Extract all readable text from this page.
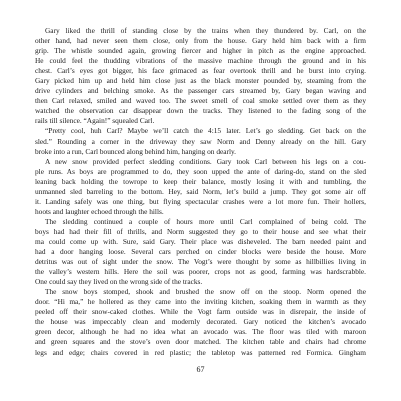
Gary liked the thrill of standing close by the trains when they thundered by. Carl, on the
other hand, had never seen them close, only from the house. Gary held him back with a firm
grip. The whistle sounded again, growing fiercer and higher in pitch as the engine approached.
He could feel the thudding vibrations of the massive machine through the ground and in his
chest. Carl’s eyes got bigger, his face grimaced as fear overtook thrill and he burst into crying.
Gary picked him up and held him close just as the black monster pounded by, steaming from the
drive cylinders and belching smoke. As the passenger cars streamed by, Gary began waving and
then Carl relaxed, smiled and waved too. The sweet smell of coal smoke settled over them as they
watched the observation car disappear down the tracks. They listened to the fading song of the
rails till silence. “Again!” squealed Carl.

“Pretty cool, huh Carl? Maybe we’ll catch the 4:15 later. Let’s go sledding. Get back on the
sled.” Rounding a corner in the driveway they saw Norm and Denny already on the hill. Gary
broke into a run, Carl bounced along behind him, hanging on dearly.

A new snow provided perfect sledding conditions. Gary took Carl between his legs on a cou-
ple runs. As boys are programmed to do, they soon upped the ante of daring-do, stand on the sled
leaning back holding the towrope to keep their balance, mostly losing it with and tumbling, the
unmanned sled barreling to the bottom. Hey, said Norm, let’s build a jump. They got some air off
it. Landing safely was one thing, but flying spectacular crashes were a lot more fun. Their hollers,
hoots and laughter echoed through the hills.

The sledding continued a couple of hours more until Carl complained of being cold. The
boys had had their fill of thrills, and Norm suggested they go to their house and see what their
ma could come up with. Sure, said Gary. Their place was disheveled. The barn needed paint and
had a door hanging loose. Several cars perched on cinder blocks were beside the house. More
detritus was out of sight under the snow. The Vogt’s were thought by some as hillbillies living in
the valley’s western hills. Here the soil was poorer, crops not as good, farming was hardscrabble.
One could say they lived on the wrong side of the tracks.

The snow boys stomped, shook and brushed the snow off on the stoop. Norm opened the
door. “Hi ma,” he hollered as they came into the inviting kitchen, soaking them in warmth as they
peeled off their snow-caked clothes. While the Vogt farm outside was in disrepair, the inside of
the house was impeccably clean and modernly decorated. Gary noticed the kitchen’s avocado
green decor, although he had no idea what an avocado was. The floor was tiled with maroon
and green squares and the stove’s oven door matched. The kitchen table and chairs had chrome
legs and edge; chairs covered in red plastic; the tabletop was patterned red Formica. Gingham

67
